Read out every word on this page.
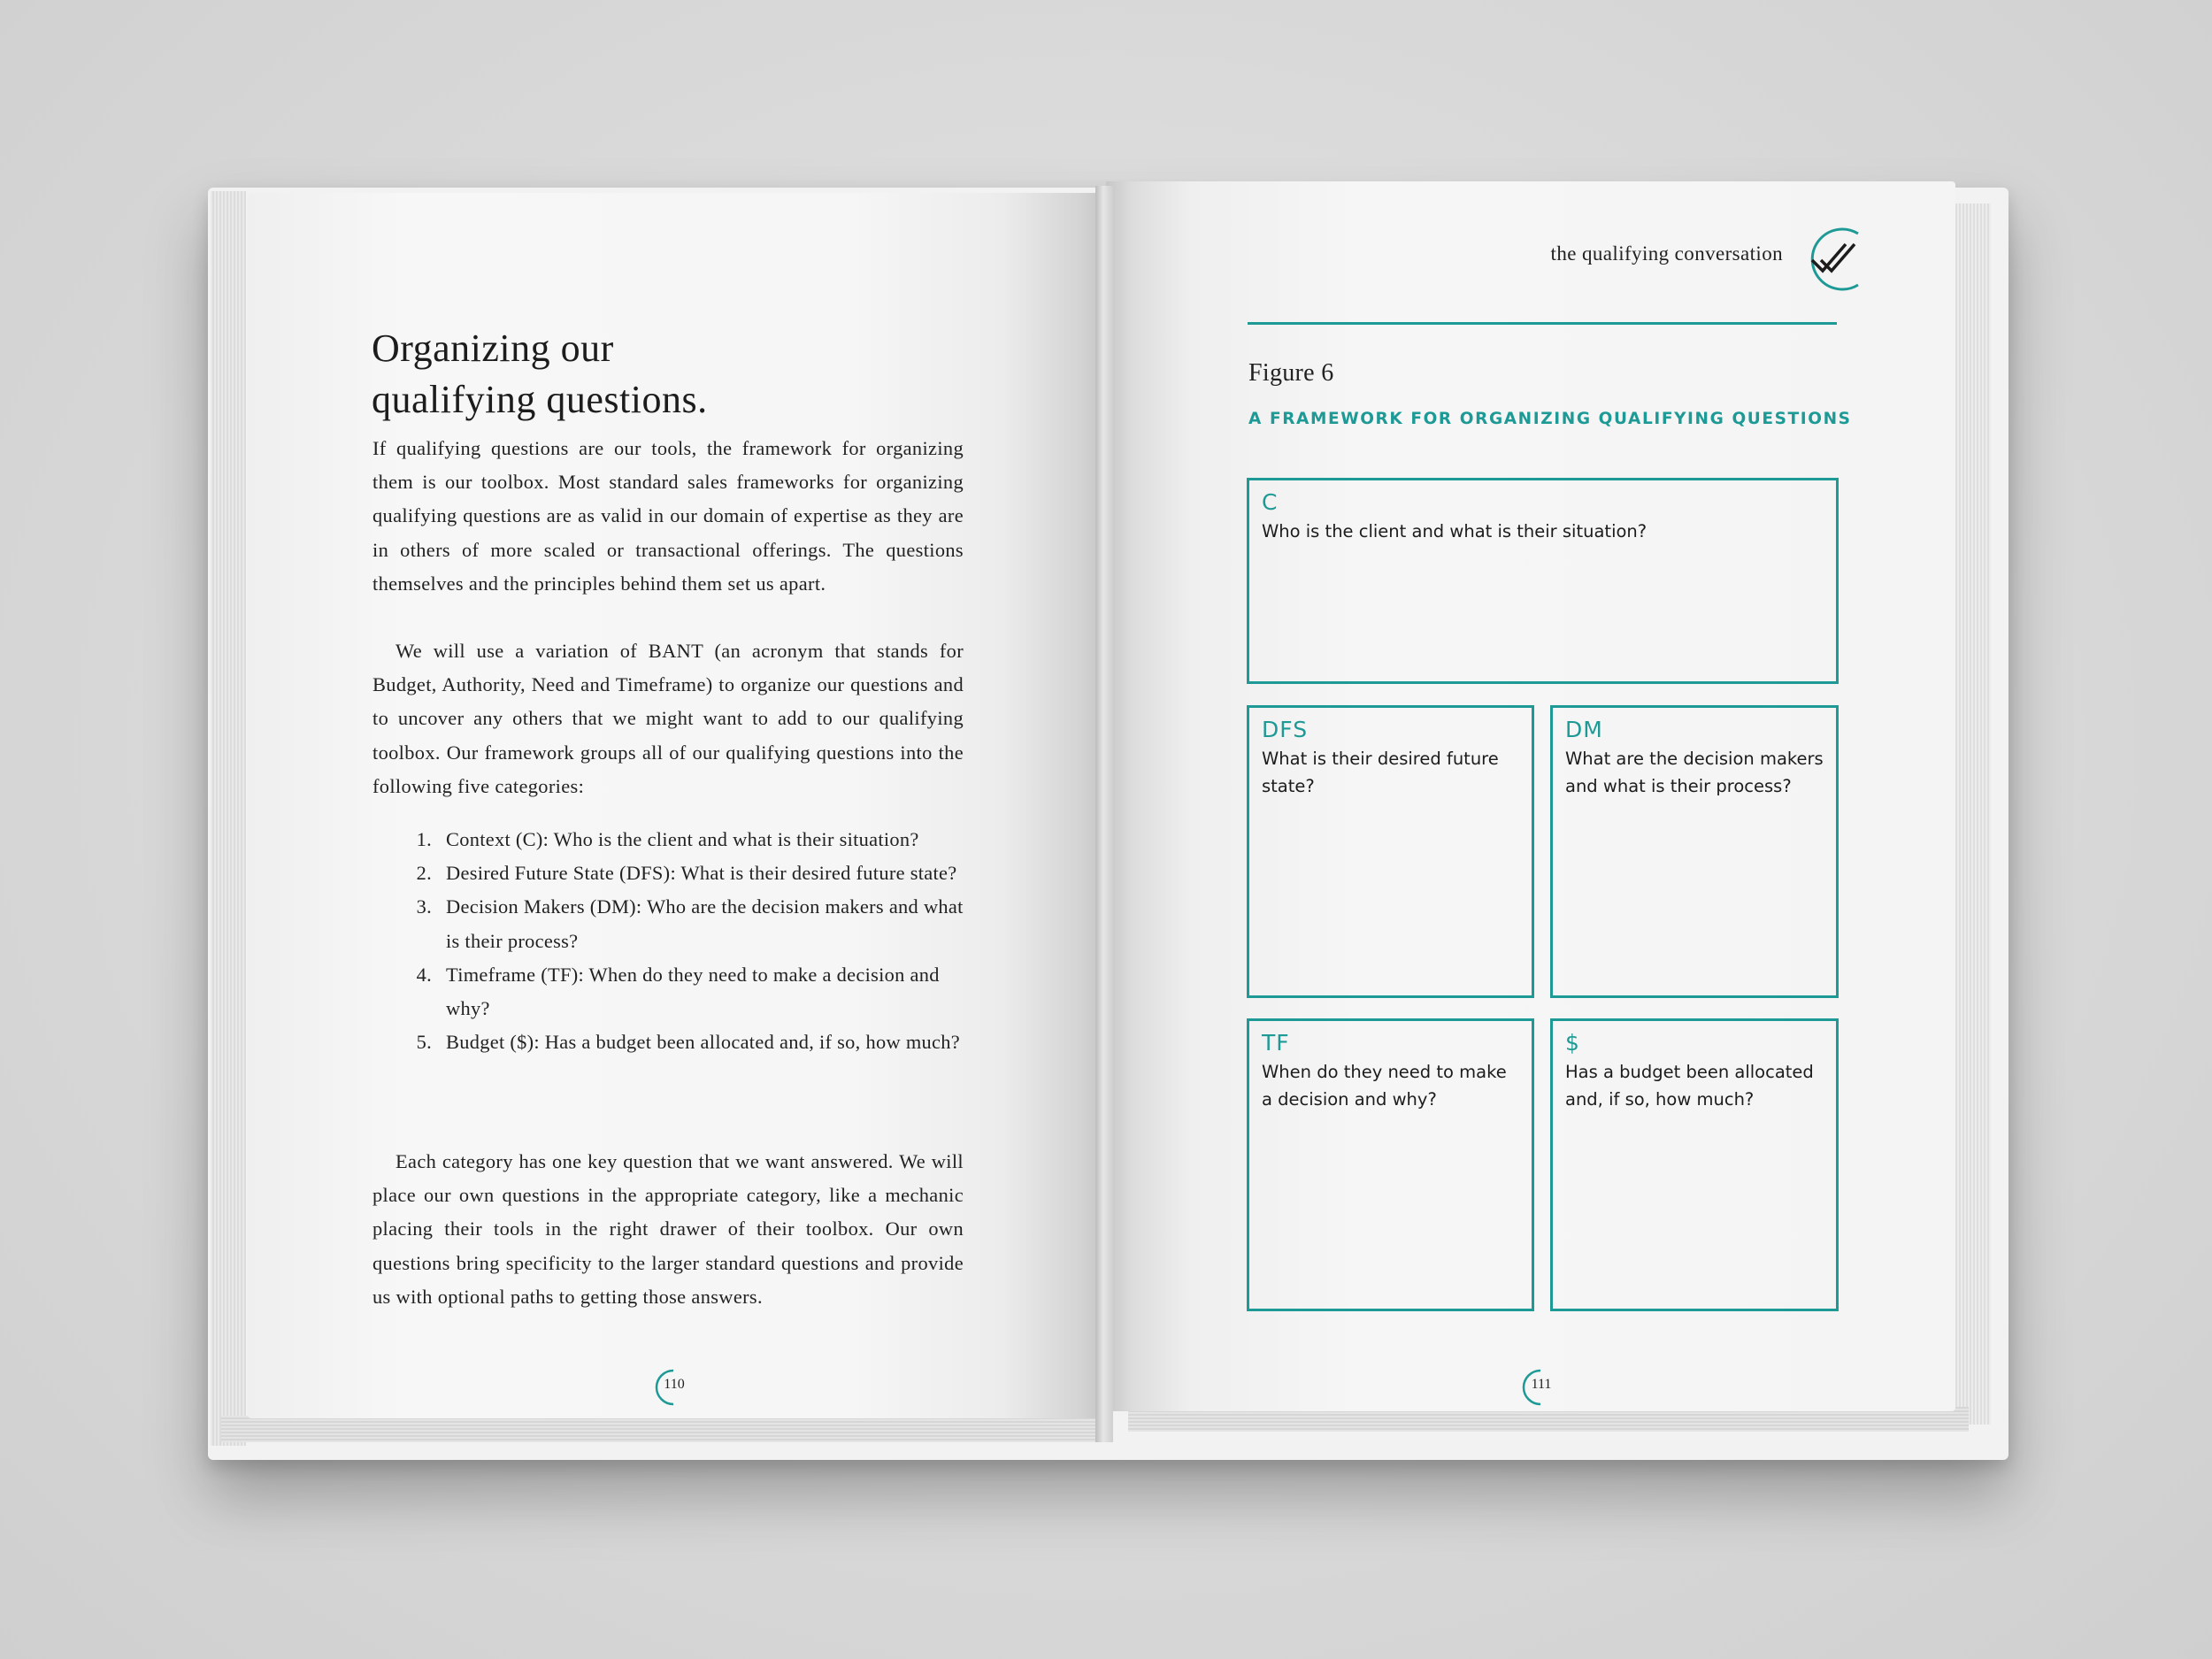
Organizing our
qualifying questions.

If qualifying questions are our tools, the framework for organizing them is our toolbox. Most standard sales frameworks for organizing qualifying questions are as valid in our domain of expertise as they are in others of more scaled or transactional offerings. The questions themselves and the principles behind them set us apart.

We will use a variation of BANT (an acronym that stands for Budget, Authority, Need and Timeframe) to organize our questions and to uncover any others that we might want to add to our qualifying toolbox. Our framework groups all of our qualifying questions into the following five categories:

1. Context (C): Who is the client and what is their situation?
2. Desired Future State (DFS): What is their desired future state?
3. Decision Makers (DM): Who are the decision makers and what is their process?
4. Timeframe (TF): When do they need to make a decision and why?
5. Budget ($): Has a budget been allocated and, if so, how much?

Each category has one key question that we want answered. We will place our own questions in the appropriate category, like a mechanic placing their tools in the right drawer of their toolbox. Our own questions bring specificity to the larger standard questions and provide us with optional paths to getting those answers.

110
the qualifying conversation
Figure 6
A FRAMEWORK FOR ORGANIZING QUALIFYING QUESTIONS
C
Who is the client and what is their situation?
DFS
What is their desired future state?
DM
What are the decision makers and what is their process?
TF
When do they need to make a decision and why?
$
Has a budget been allocated and, if so, how much?
111
